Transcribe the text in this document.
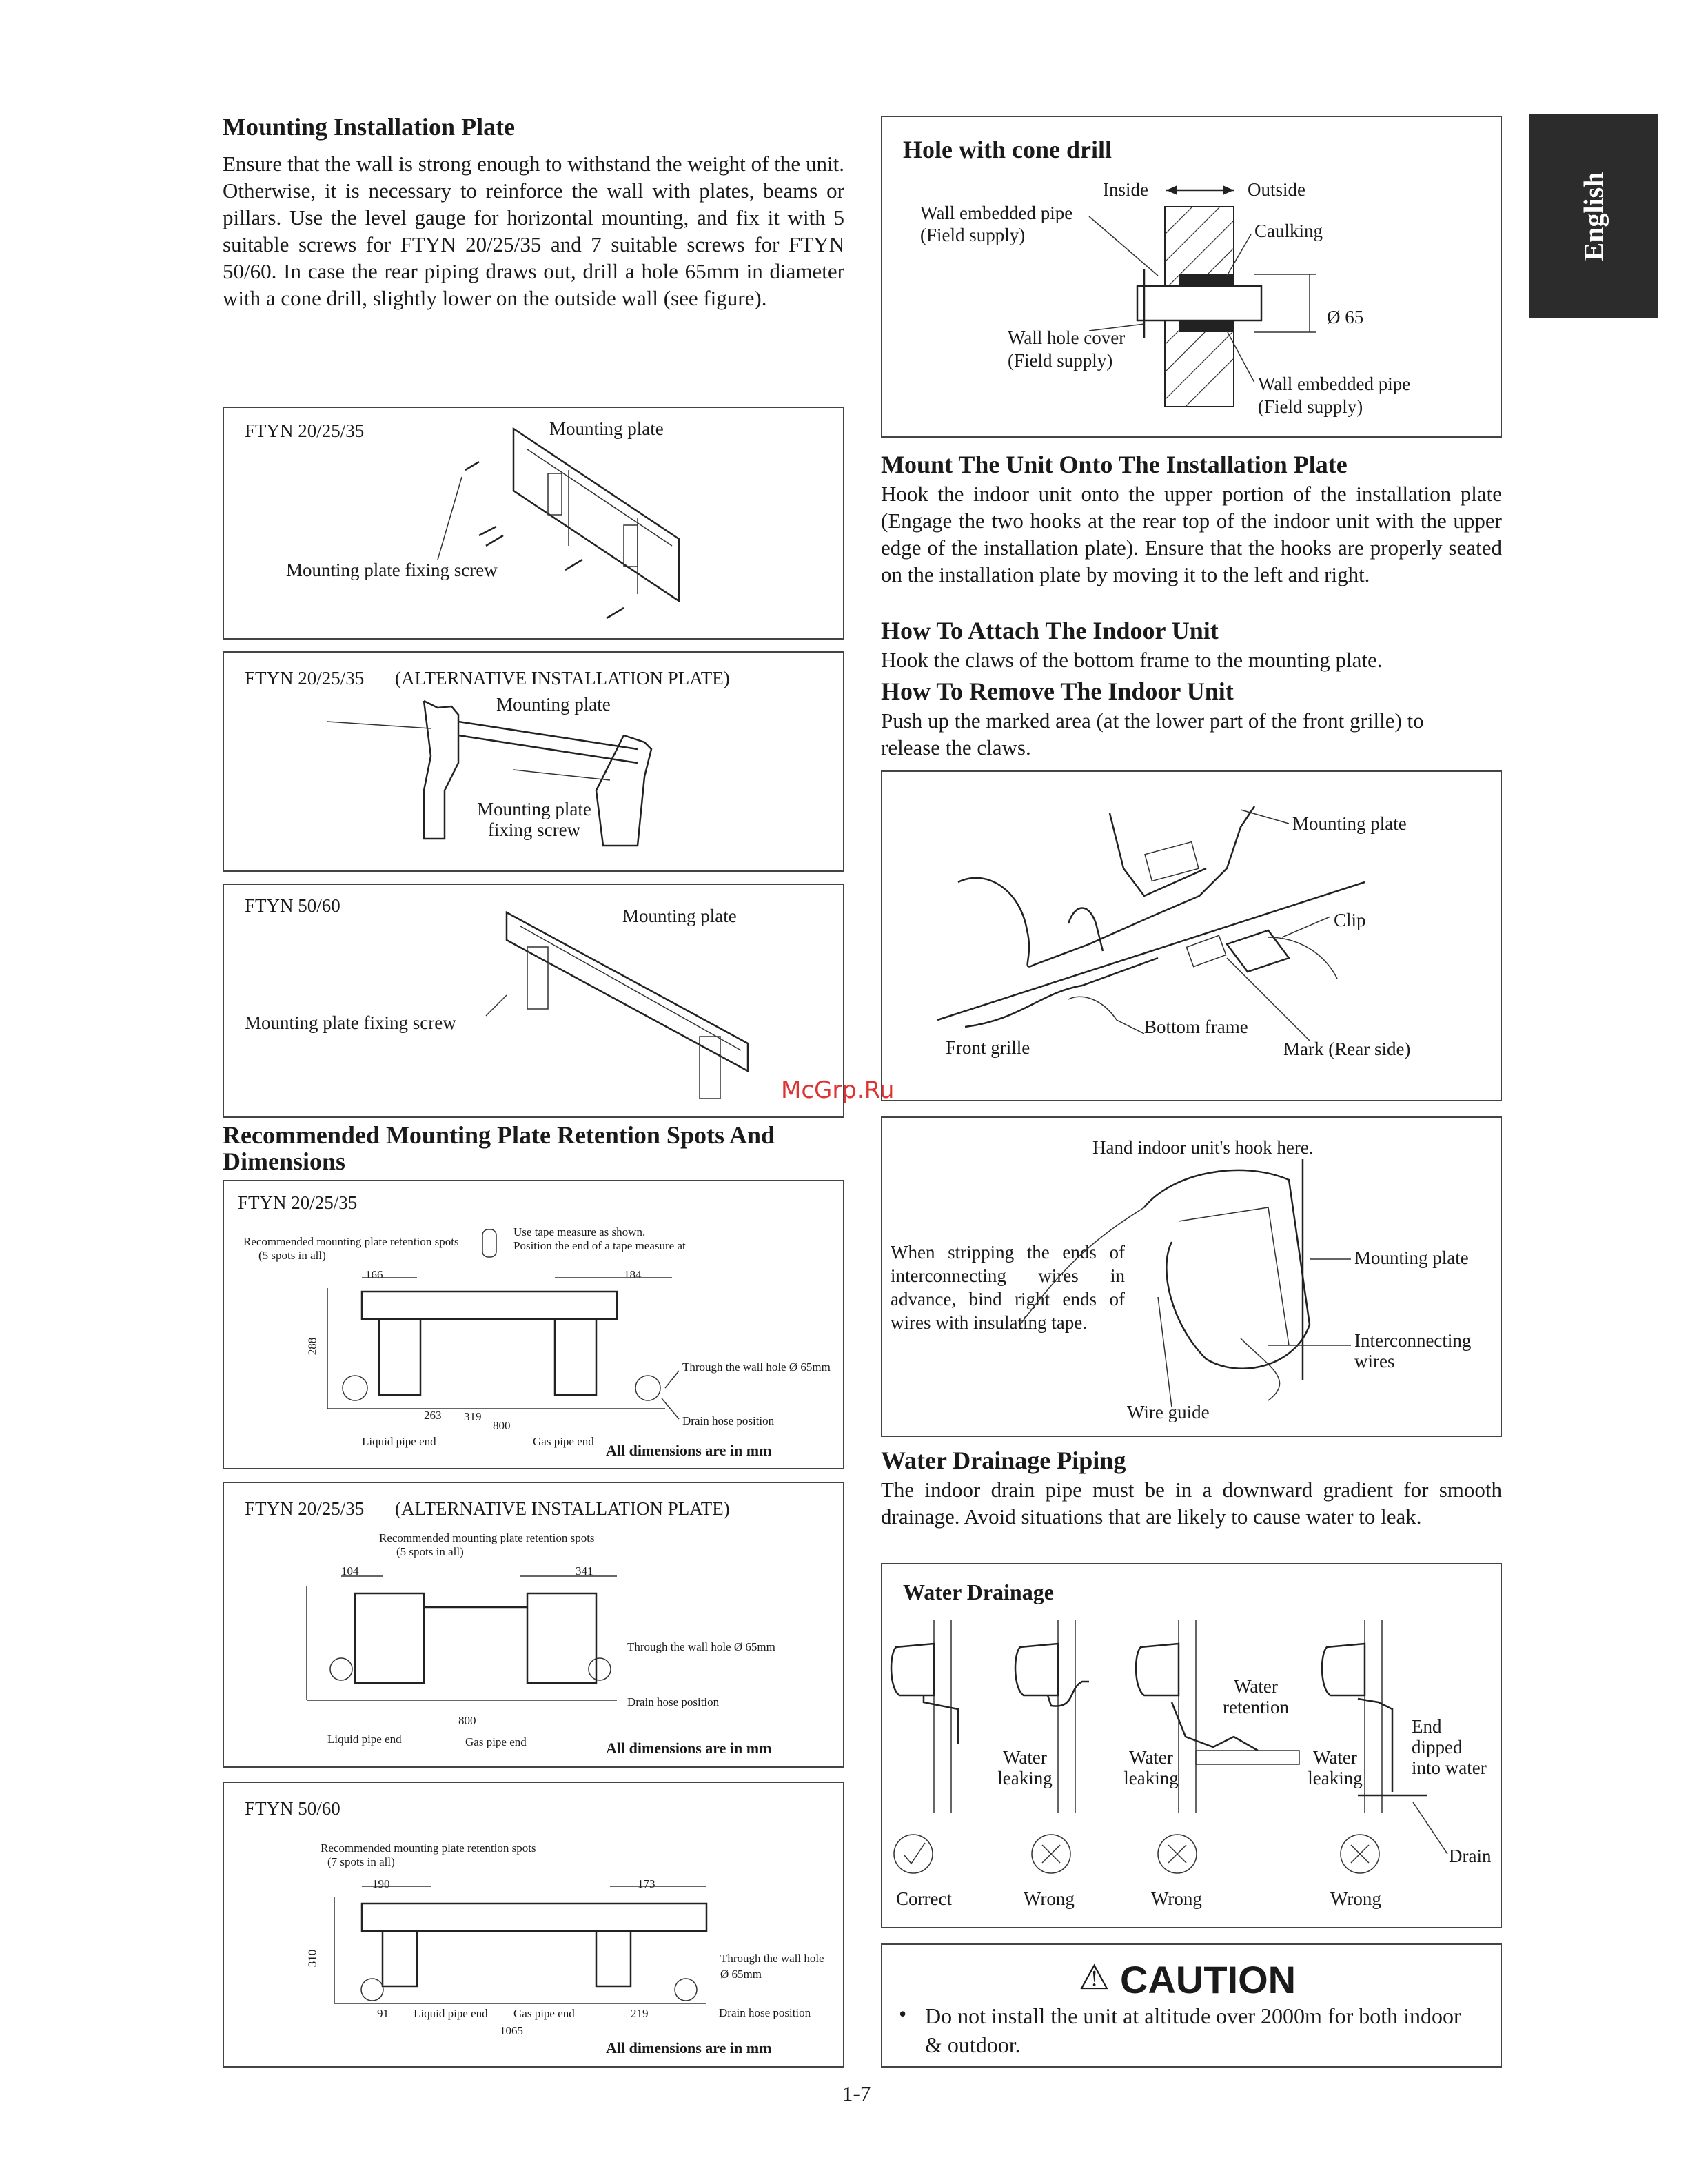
English
Mounting Installation Plate
Ensure that the wall is strong enough to withstand the weight of the unit. Otherwise, it is necessary to reinforce the wall with plates, beams or pillars. Use the level gauge for horizontal mounting, and fix it with 5 suitable screws for FTYN 20/25/35 and 7 suitable screws for FTYN 50/60. In case the rear piping draws out, drill a hole 65mm in diameter with a cone drill, slightly lower on the outside wall (see figure).
FTYN 20/25/35	Mounting plate
Mounting plate fixing screw
FTYN 20/25/35 (ALTERNATIVE INSTALLATION PLATE)
Mounting plate
Mounting plate fixing screw
FTYN 50/60	Mounting plate
Mounting plate fixing screw
Recommended Mounting Plate Retention Spots And Dimensions
FTYN 20/25/35
Recommended mounting plate retention spots
(5 spots in all)
Use tape measure as shown.
Position the end of a tape measure at
Through the wall hole Ø 65mm
Drain hose position
Liquid pipe end	Gas pipe end
166	184
288
800
263 319
All dimensions are in mm
FTYN 20/25/35 (ALTERNATIVE INSTALLATION PLATE)
Recommended mounting plate retention spots
(5 spots in all)
Through the wall hole Ø 65mm
Drain hose position
Liquid pipe end	Gas pipe end
104	341
800
All dimensions are in mm
FTYN 50/60
Recommended mounting plate retention spots
(7 spots in all)
Through the wall hole
Ø 65mm
Drain hose position
Liquid pipe end Gas pipe end
190	173
310
1065
219
91
All dimensions are in mm
Hole with cone drill
Inside	Outside
Wall embedded pipe
(Field supply)	Caulking
Ø 65
Wall hole cover
(Field supply)
Wall embedded pipe
(Field supply)
Mount The Unit Onto The Installation Plate
Hook the indoor unit onto the upper portion of the installation plate (Engage the two hooks at the rear top of the indoor unit with the upper edge of the installation plate). Ensure that the hooks are properly seated on the installation plate by moving it to the left and right.
How To Attach The Indoor Unit
Hook the claws of the bottom frame to the mounting plate.
How To Remove The Indoor Unit
Push up the marked area (at the lower part of the front grille) to release the claws.
Mounting plate
Clip
Bottom frame
Front grille	Mark (Rear side)
Hand indoor unit's hook here.
When stripping the ends of interconnecting wires in advance, bind right ends of wires with insulating tape.
Mounting plate
Interconnecting wires
Wire guide
Water Drainage Piping
The indoor drain pipe must be in a downward gradient for smooth drainage. Avoid situations that are likely to cause water to leak.
Water Drainage
Water retention
Water leaking
Water leaking
Water leaking
End dipped into water
Drain
Correct	Wrong	Wrong	Wrong
⚠ CAUTION
• Do not install the unit at altitude over 2000m for both indoor & outdoor.
McGrp.Ru
1-7
